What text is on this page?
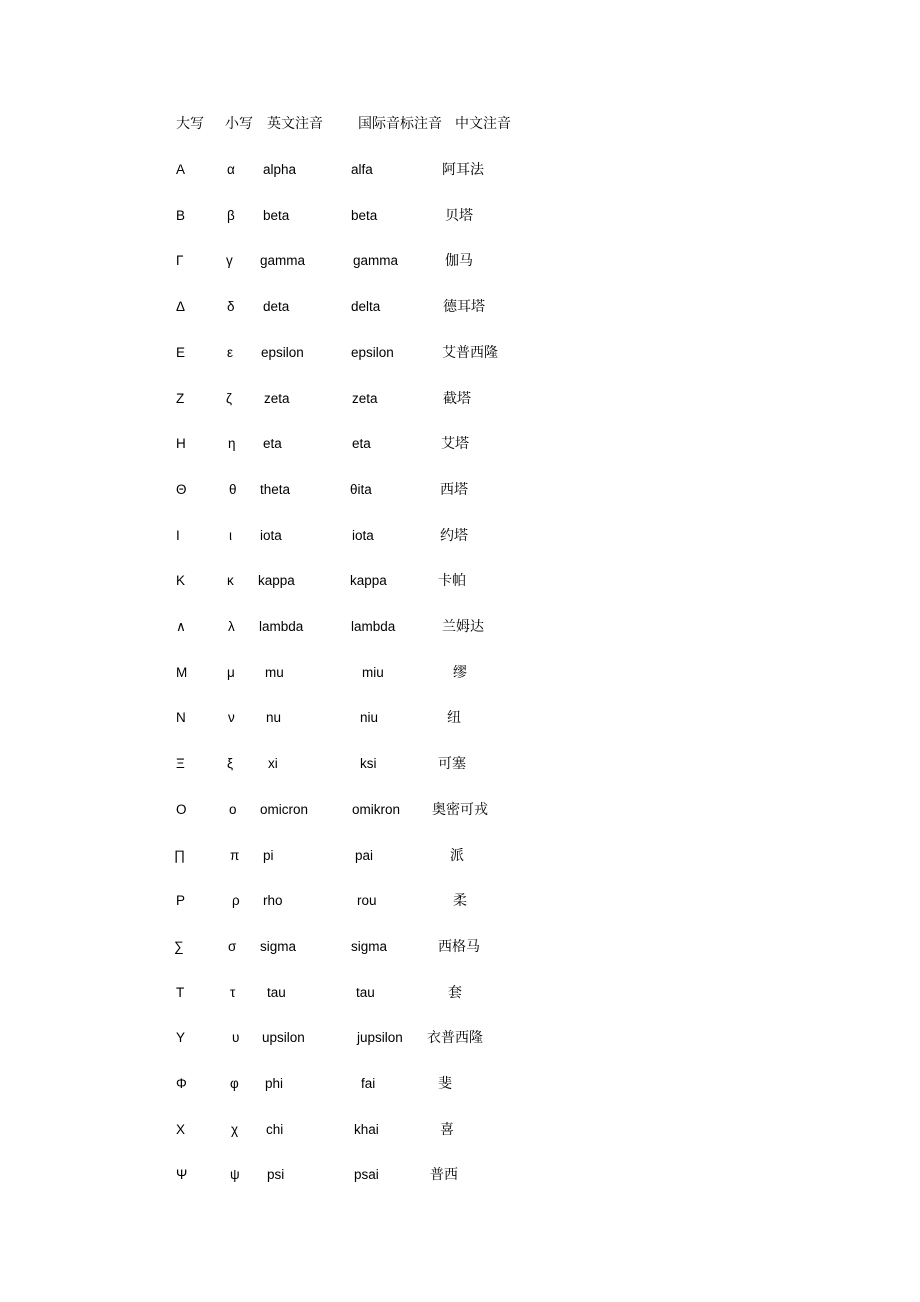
大写 小写 英文注音	国际音标注音 中文注音
Α	α alpha	alfa	阿耳法
Β	β beta	beta	贝塔
Γ	γ gamma	gamma	伽马
Δ	δ deta	delta	德耳塔
Ε	ε epsilon	epsilon	艾普西隆
Ζ	ζ zeta	zeta	截塔
Η	η eta	eta	艾塔
Θ	θ theta	θita	西塔
Ι	ι iota	iota	约塔
Κ	κ kappa	kappa	卡帕
∧	λ lambda	lambda	兰姆达
Μ	μ mu	miu	缪
Ν	ν nu	niu	纽
Ξ	ξ	xi	ksi	可塞
Ο	ο omicron	omikron 奥密可戎
∏	π pi	pai	派
Ρ	ρ rho	rou	柔
∑	σ sigma	sigma	西格马
Τ	τ tau	tau	套
Υ	υ upsilon	jupsilon 衣普西隆
Φ	φ phi	fai	斐
Χ	χ chi	khai	喜
Ψ	ψ psi	psai	普西
